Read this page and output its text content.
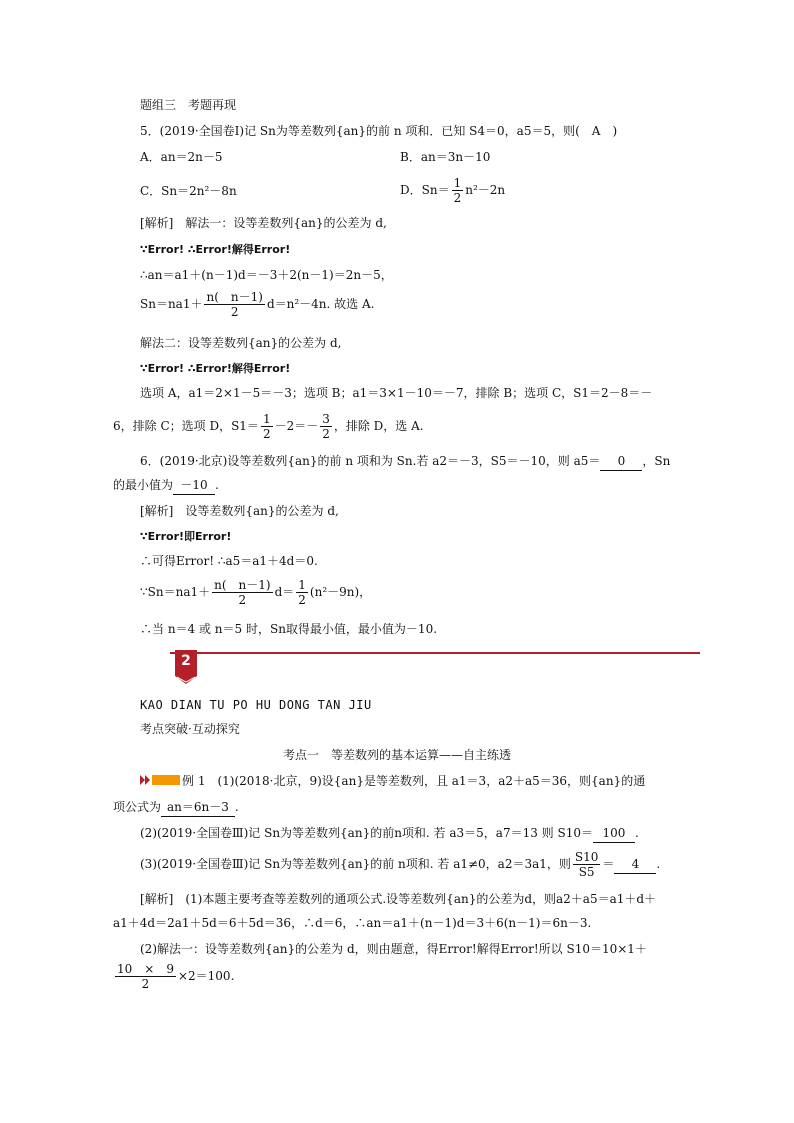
题组三　考题再现
5．(2019·全国卷Ⅰ)记 Sn为等差数列{an}的前 n 项和．已知 S4＝0，a5＝5，则(　A　)
A．an＝2n－5	B．an＝3n－10
C．Sn＝2n²－8n	D．$Sn= \frac{1}{2} n^2-2n$
[解析]　解法一：设等差数列{an}的公差为 d,
∵Error! ∴Error!解得Error!
∴an＝a1＋(n－1)d＝－3＋2(n－1)＝2n－5，
$Sn=na1+ \frac{n( n-1)}{2} d=n^2-4n$. 故选 A.
解法二：设等差数列{an}的公差为 d,
∵Error! ∴Error!解得Error!
选项 A，a1＝2×1－5＝－3；选项 B；a1＝3×1－10＝－7，排除 B；选项 C，S1＝2－8＝－
6，排除 C；选项 D，$S1= \frac{1}{2} -2=- \frac{3}{2}$ ，排除 D，选 A.
6．(2019·北京)设等差数列{an}的前 n 项和为 Sn.若 a2＝－3，S5＝－10，则 a5＝ 0 ，Sn
的最小值为 －10 .
[解析]　设等差数列{an}的公差为 d,
∵Error!即Error!
∴可得Error! ∴a5＝a1＋4d＝0.
∵Sn＝na1＋ $\frac{n( n-1)}{2} d= \frac{1}{2} (n^2-9n)$，
∴当 n＝4 或 n＝5 时，Sn取得最小值，最小值为－10.
2
KAO DIAN TU PO HU DONG TAN JIU
考点突破·互动探究
考点一　等差数列的基本运算——自主练透
例 1　(1)(2018·北京，9)设{an}是等差数列，且 a1＝3，a2＋a5＝36，则{an}的通
项公式为 an＝6n－3 .
(2)(2019·全国卷Ⅲ)记 Sn为等差数列{an}的前n项和. 若 a3＝5，a7＝13 则 S10＝ 100 .
(3)(2019·全国卷Ⅲ)记 Sn为等差数列{an}的前 n项和. 若 a1≠0，a2＝3a1，则 $\frac{S10}{S5} = 4$ .
[解析]　(1)本题主要考查等差数列的通项公式.设等差数列{an}的公差为d，则a2＋a5＝a1＋d＋
a1＋4d＝2a1＋5d＝6＋5d＝36，∴d＝6，∴an＝a1＋(n－1)d＝3＋6(n－1)＝6n－3.
(2)解法一：设等差数列{an}的公差为 d，则由题意，得Error!解得Error!所以 S10＝10×1＋
$\frac{10 \times 9}{2} \times 2=100$.
